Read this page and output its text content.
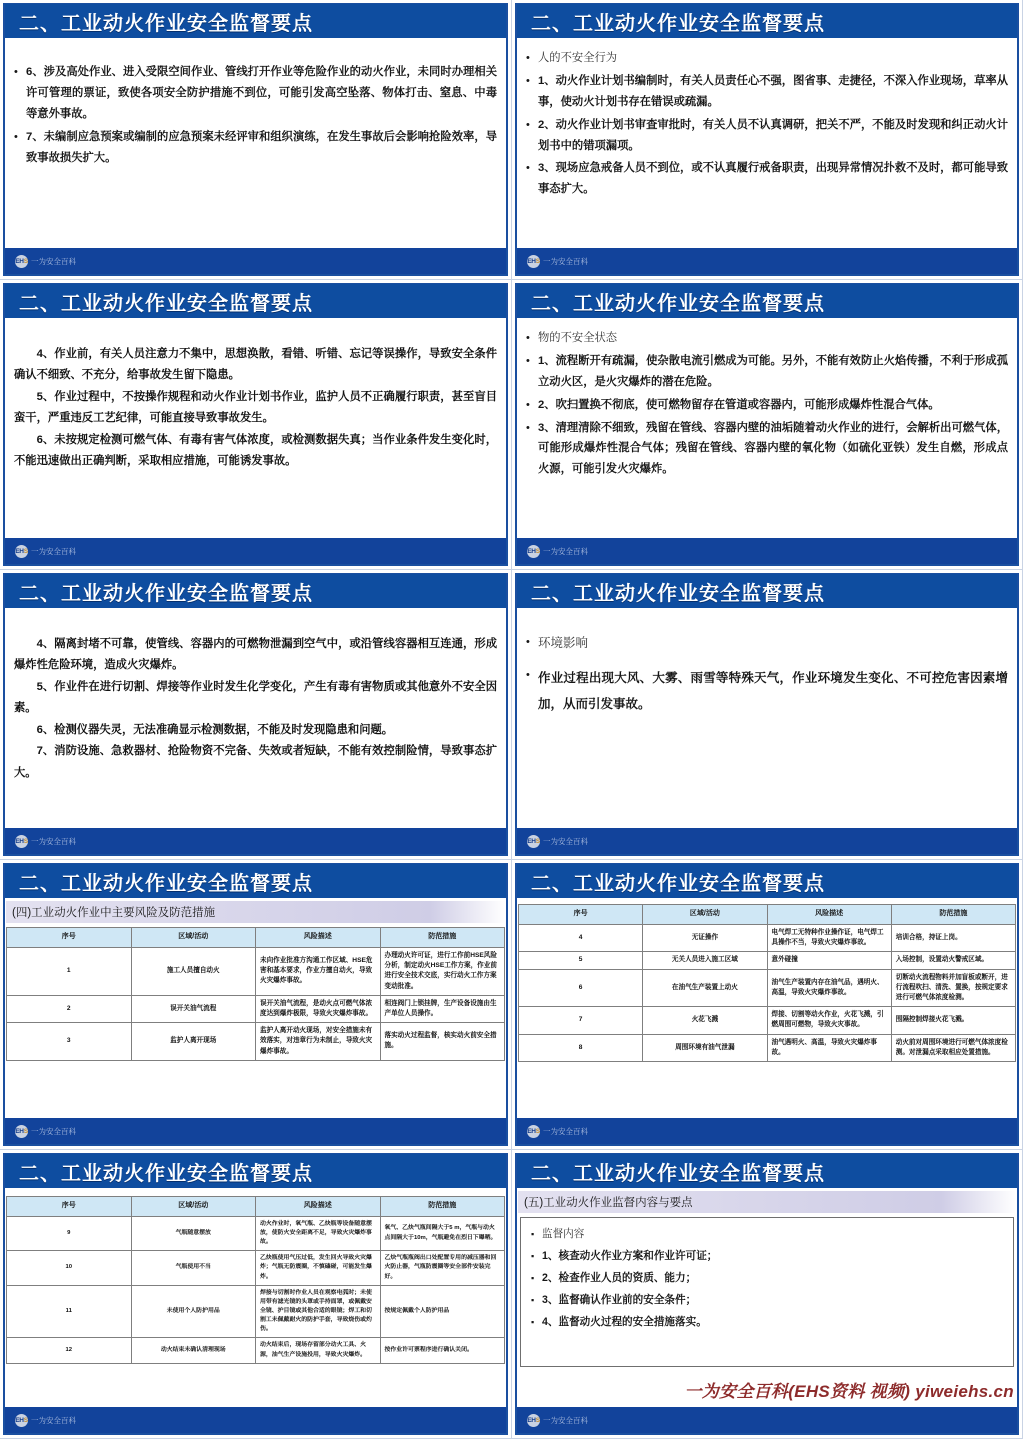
二、工业动火作业安全监督要点
• 6、涉及高处作业、进入受限空间作业、管线打开作业等危险作业的动火作业，未同时办理相关许可管理的票证，致使各项安全防护措施不到位，可能引发高空坠落、物体打击、窒息、中毒等意外事故。
• 7、未编制应急预案或编制的应急预案未经评审和组织演练，在发生事故后会影响抢险效率，导致事故损失扩大。
EH S 一为安全百科
二、工业动火作业安全监督要点
• 人的不安全行为
• 1、动火作业计划书编制时，有关人员责任心不强，图省事、走捷径，不深入作业现场，草率从事，使动火计划书存在错误或疏漏。
• 2、动火作业计划书审查审批时，有关人员不认真调研，把关不严，不能及时发现和纠正动火计划书中的错项漏项。
• 3、现场应急戒备人员不到位，或不认真履行戒备职责，出现异常情况扑救不及时，都可能导致事态扩大。
EH S 一为安全百科
二、工业动火作业安全监督要点

4、作业前，有关人员注意力不集中，思想涣散，看错、听错、忘记等误操作，导致安全条件确认不细致、不充分，给事故发生留下隐患。

5、作业过程中，不按操作规程和动火作业计划书作业，监护人员不正确履行职责，甚至盲目蛮干，严重违反工艺纪律，可能直接导致事故发生。

6、未按规定检测可燃气体、有毒有害气体浓度，或检测数据失真；当作业条件发生变化时，不能迅速做出正确判断，采取相应措施，可能诱发事故。

EH S 一为安全百科
二、工业动火作业安全监督要点
• 物的不安全状态
• 1、流程断开有疏漏，使杂散电流引燃成为可能。另外，不能有效防止火焰传播，不利于形成孤立动火区，是火灾爆炸的潜在危险。
• 2、吹扫置换不彻底，使可燃物留存在管道或容器内，可能形成爆炸性混合气体。
• 3、清理清除不细致，残留在管线、容器内壁的油垢随着动火作业的进行，会解析出可燃气体，可能形成爆炸性混合气体；残留在管线、容器内壁的氧化物（如硫化亚铁）发生自燃，形成点火源，可能引发火灾爆炸。
EH S 一为安全百科
二、工业动火作业安全监督要点

4、隔离封堵不可靠，使管线、容器内的可燃物泄漏到空气中，或沿管线容器相互连通，形成爆炸性危险环境，造成火灾爆炸。

5、作业件在进行切割、焊接等作业时发生化学变化，产生有毒有害物质或其他意外不安全因素。

6、检测仪器失灵，无法准确显示检测数据，不能及时发现隐患和问题。

7、消防设施、急救器材、抢险物资不完备、失效或者短缺，不能有效控制险情，导致事态扩大。

EH S 一为安全百科
二、工业动火作业安全监督要点
• 环境影响
• 作业过程出现大风、大雾、雨雪等特殊天气，作业环境发生变化、不可控危害因素增加，从而引发事故。
EH S 一为安全百科
二、工业动火作业安全监督要点
(四)工业动火作业中主要风险及防范措施
序号	区域/活动	风险描述	防范措施
1	施工人员擅自动火	未向作业批准方沟通工作区域、HSE危害和基本要求，作业方擅自动火，导致火灾爆炸事故。	办理动火许可证，进行工作前HSE风险分析，制定动火HSE工作方案，作业前进行安全技术交底，实行动火工作方案变动批准。
2	误开关油气流程	误开关油气流程，是动火点可燃气体浓度达到爆炸极限，导致火灾爆炸事故。	相连阀门上锁挂牌，生产设备设施由生产单位人员操作。
3	监护人离开现场	监护人离开动火现场，对安全措施未有效落实，对违章行为未制止，导致火灾爆炸事故。	落实动火过程监督，核实动火前安全措施。
EH S 一为安全百科
二、工业动火作业安全监督要点
序号	区域/活动	风险描述	防范措施
4	无证操作	电气焊工无特种作业操作证，电气焊工具操作不当，导致火灾爆炸事故。	培训合格，持证上岗。
5	无关人员进入施工区域	意外碰撞	入场控制，设置动火警戒区域。
6	在油气生产装置上动火	油气生产装置内存在油气品，遇明火、高温，导致火灾爆炸事故。	切断动火流程物料并加盲板或断开，进行流程吹扫、清洗、置换，按规定要求进行可燃气体浓度检测。
7	火花飞溅	焊接、切割等动火作业，火花飞溅，引燃周围可燃物，导致火灾事故。	围隔控制焊接火花飞溅。
8	周围环境有油气泄漏	油气遇明火、高温，导致火灾爆炸事故。	动火前对周围环境进行可燃气体浓度检测。对泄漏点采取相应处置措施。
EH S 一为安全百科
二、工业动火作业安全监督要点
序号	区域/活动	风险描述	防范措施
9	气瓶随意摆放	动火作业时，氧气瓶、乙炔瓶等设备随意摆放，使防火安全距离不足，导致火灾爆炸事故。	氧气、乙炔气瓶间隔大于5 m，气瓶与动火点间隔大于10m，气瓶避免在烈日下曝晒。
10	气瓶使用不当	乙炔瓶使用气压过低，发生回火导致火灾爆炸；气瓶无防震圈，不慎磕碰，可能发生爆炸。	乙炔气瓶瓶阀出口处配置专用的减压器和回火防止器，气瓶防震圈等安全部件安装完好。
11	未使用个人防护用品	焊接与切割时作业人员在观察电弧时；未使用带有滤光镜的头罩或手持面罩，或佩戴安全镜、护目镜或其他合适的眼镜；焊工和切割工未佩戴耐火的防护手套，导致烧伤或灼伤。	按规定佩戴个人防护用品
12	动火结束未确认清理现场	动火结束后，现场存留部分动火工具、火源，油气生产设施投用，导致火灾爆炸。	按作业许可票程序进行确认关闭。
EH S 一为安全百科
二、工业动火作业安全监督要点
(五)工业动火作业监督内容与要点
▪ 监督内容
▪ 1、核查动火作业方案和作业许可证；
▪ 2、检查作业人员的资质、能力；
▪ 3、监督确认作业前的安全条件；
▪ 4、监督动火过程的安全措施落实。
一为安全百科(EHS资料 视频) yiweiehs.cn
EH S 一为安全百科
